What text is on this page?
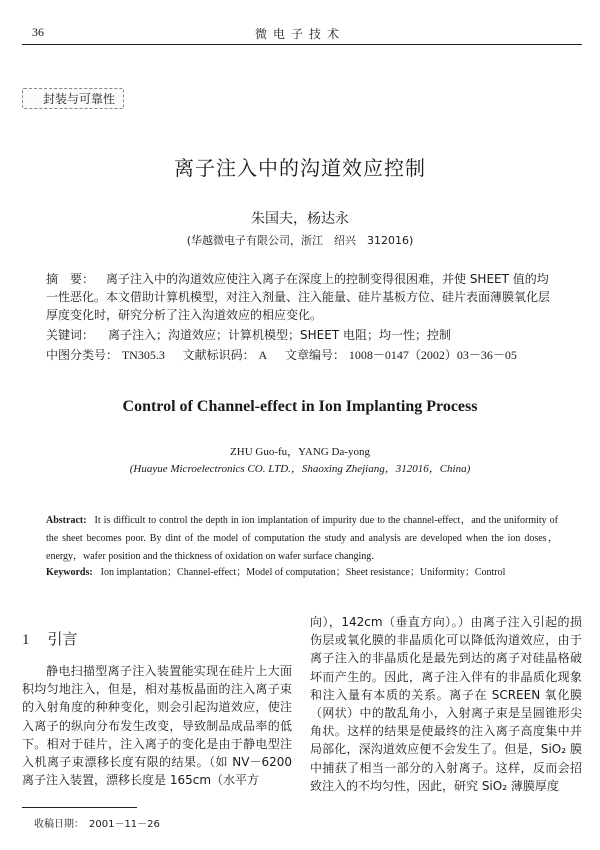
36	微电子技术
封装与可靠性
离子注入中的沟道效应控制
朱国夫，杨达永
(华越微电子有限公司，浙江　绍兴　312016)
摘　要： 离子注入中的沟道效应使注入离子在深度上的控制变得很困难，并使 SHEET 值的均一性恶化。本文借助计算机模型，对注入剂量、注入能量、硅片基板方位、硅片表面薄膜氧化层厚度变化时，研究分析了注入沟道效应的相应变化。
关键词： 离子注入；沟道效应；计算机模型；SHEET 电阻；均一性；控制
中图分类号： TN305.3 文献标识码： A 文章编号： 1008－0147（2002）03－36－05
Control of Channel-effect in Ion Implanting Process
ZHU Guo-fu，YANG Da-yong
(Huayue Microelectronics CO. LTD.，Shaoxing Zhejiang，312016，China)
Abstract: It is difficult to control the depth in ion implantation of impurity due to the channel-effect，and the uniformity of the sheet becomes poor. By dint of the model of computation the study and analysis are developed when the ion doses，energy，wafer position and the thickness of oxidation on wafer surface changing.
Keywords: Ion implantation；Channel-effect；Model of computation；Sheet resistance；Uniformity；Control
1 引言
静电扫描型离子注入装置能实现在硅片上大面积均匀地注入，但是，相对基板晶面的注入离子束的入射角度的种种变化，则会引起沟道效应，使注入离子的纵向分布发生改变，导致制品成品率的低下。相对于硅片，注入离子的变化是由于静电型注入机离子束漂移长度有限的结果。（如 NV－6200 离子注入装置，漂移长度是 165cm（水平方
向），142cm（垂直方向）。）由离子注入引起的损伤层或氧化膜的非晶质化可以降低沟道效应，由于离子注入的非晶质化是最先到达的离子对硅晶格破坏而产生的。因此，离子注入伴有的非晶质化现象和注入量有本质的关系。离子在 SCREEN 氧化膜（网状）中的散乱角小，入射离子束是呈圆锥形尖角状。这样的结果是使最终的注入离子高度集中并局部化，深沟道效应便不会发生了。但是，SiO₂ 膜中捕获了相当一部分的入射离子。这样，反而会招致注入的不均匀性，因此，研究 SiO₂ 薄膜厚度
收稿日期：　2001－11－26
